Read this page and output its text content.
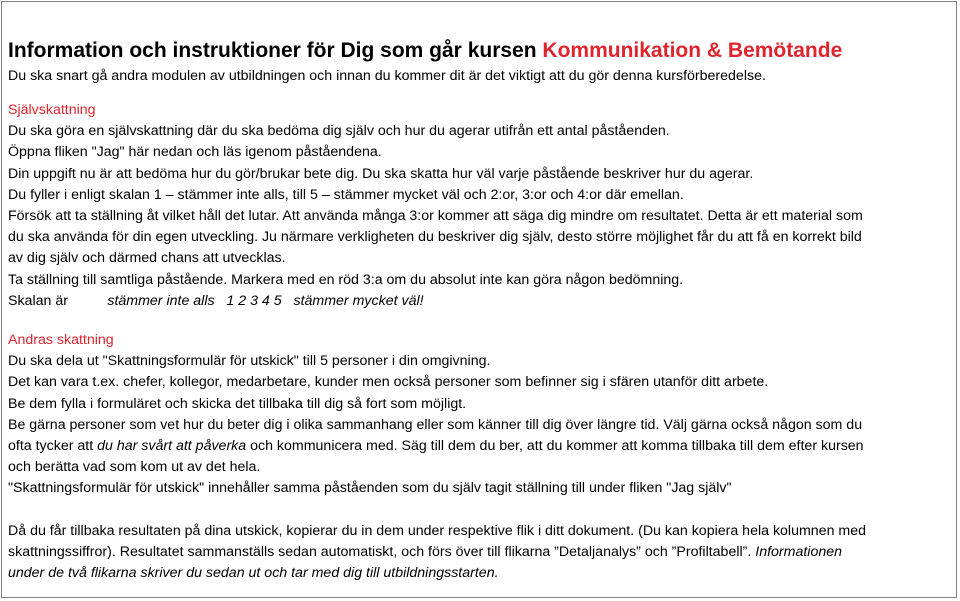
Information och instruktioner för Dig som går kursen Kommunikation & Bemötande

Du ska snart gå andra modulen av utbildningen och innan du kommer dit är det viktigt att du gör denna kursförberedelse.

Självskattning

Du ska göra en självskattning där du ska bedöma dig själv och hur du agerar utifrån ett antal påståenden.

Öppna fliken "Jag" här nedan och läs igenom påståendena.

Din uppgift nu är att bedöma hur du gör/brukar bete dig. Du ska skatta hur väl varje påstående beskriver hur du agerar.

Du fyller i enligt skalan 1 – stämmer inte alls, till 5 – stämmer mycket väl och 2:or, 3:or och 4:or där emellan.

Försök att ta ställning åt vilket håll det lutar. Att använda många 3:or kommer att säga dig mindre om resultatet. Detta är ett material som

du ska använda för din egen utveckling. Ju närmare verkligheten du beskriver dig själv, desto större möjlighet får du att få en korrekt bild

av dig själv och därmed chans att utvecklas.

Ta ställning till samtliga påstående. Markera med en röd 3:a om du absolut inte kan göra någon bedömning.

Skalan är	stämmer inte alls 1 2 3 4 5 stämmer mycket väl!

Andras skattning

Du ska dela ut "Skattningsformulär för utskick" till 5 personer i din omgivning.

Det kan vara t.ex. chefer, kollegor, medarbetare, kunder men också personer som befinner sig i sfären utanför ditt arbete.

Be dem fylla i formuläret och skicka det tillbaka till dig så fort som möjligt.

Be gärna personer som vet hur du beter dig i olika sammanhang eller som känner till dig över längre tid. Välj gärna också någon som du

ofta tycker att du har svårt att påverka och kommunicera med. Säg till dem du ber, att du kommer att komma tillbaka till dem efter kursen

och berätta vad som kom ut av det hela.

"Skattningsformulär för utskick" innehåller samma påståenden som du själv tagit ställning till under fliken "Jag själv"

Då du får tillbaka resultaten på dina utskick, kopierar du in dem under respektive flik i ditt dokument. (Du kan kopiera hela kolumnen med

skattningssiffror). Resultatet sammanställs sedan automatiskt, och förs över till flikarna ”Detaljanalys” och ”Profiltabell”. Informationen

under de två flikarna skriver du sedan ut och tar med dig till utbildningsstarten.
